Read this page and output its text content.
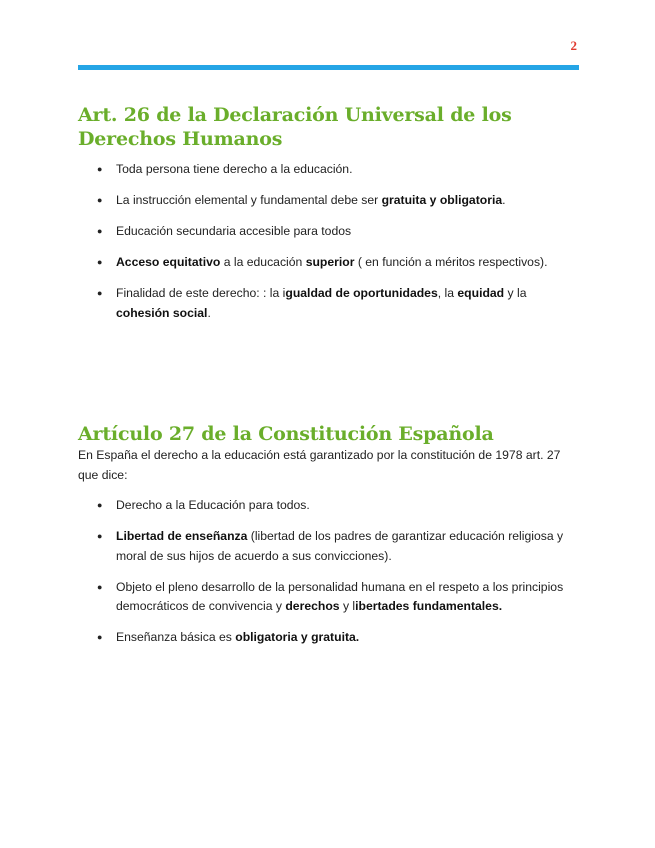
2
Art. 26 de la Declaración Universal de los Derechos Humanos
● Toda persona tiene derecho a la educación.
● La instrucción elemental y fundamental debe ser gratuita y obligatoria.
● Educación secundaria accesible para todos
● Acceso equitativo a la educación superior ( en función a méritos respectivos).
● Finalidad de este derecho: : la igualdad de oportunidades, la equidad y la cohesión social.
Artículo 27 de la Constitución Española

En España el derecho a la educación está garantizado por la constitución de 1978 art. 27 que dice:

● Derecho a la Educación para todos.
● Libertad de enseñanza (libertad de los padres de garantizar educación religiosa y moral de sus hijos de acuerdo a sus convicciones).
● Objeto el pleno desarrollo de la personalidad humana en el respeto a los principios democráticos de convivencia y derechos y libertades fundamentales.
● Enseñanza básica es obligatoria y gratuita.
